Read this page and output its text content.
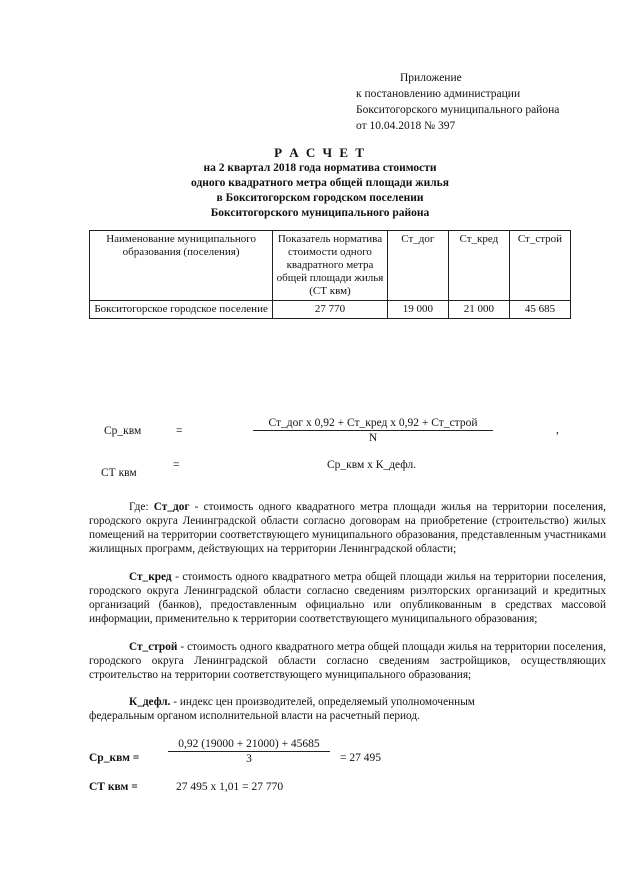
Приложение
к постановлению администрации
Бокситогорского муниципального района
от 10.04.2018 № 397
Р А С Ч Е Т
на 2 квартал 2018 года норматива стоимости
одного квадратного метра общей площади жилья
в Бокситогорском городском поселении
Бокситогорского муниципального района
Наименование муниципального образования (поселения)	Показатель норматива стоимости одного квадратного метра общей площади жилья (СТ квм)	Ст_дог	Ст_кред	Ст_строй
Бокситогорское городское поселение	27 770	19 000	21 000	45 685
Ср_квм	=
Ст_дог x 0,92 + Ст_кред x 0,92 + Ст_строй
N
,
СТ квм
=	Ср_квм x К_дефл.
Где: Ст_дог - стоимость одного квадратного метра площади жилья на территории поселения, городского округа Ленинградской области согласно договорам на приобретение (строительство) жилых помещений на территории соответствующего муниципального образования, представленным участниками жилищных программ, действующих на территории Ленинградской области;
Ст_кред - стоимость одного квадратного метра общей площади жилья на территории поселения, городского округа Ленинградской области согласно сведениям риэлторских организаций и кредитных организаций (банков), предоставленным официально или опубликованным в средствах массовой информации, применительно к территории соответствующего муниципального образования;
Ст_строй - стоимость одного квадратного метра общей площади жилья на территории поселения, городского округа Ленинградской области согласно сведениям застройщиков, осуществляющих строительство на территории соответствующего муниципального образования;
К_дефл. - индекс цен производителей, определяемый уполномоченным федеральным органом исполнительной власти на расчетный период.
Ср_квм =
0,92 (19000 + 21000) + 45685
3	= 27 495
СТ квм =	27 495 х 1,01 = 27 770
